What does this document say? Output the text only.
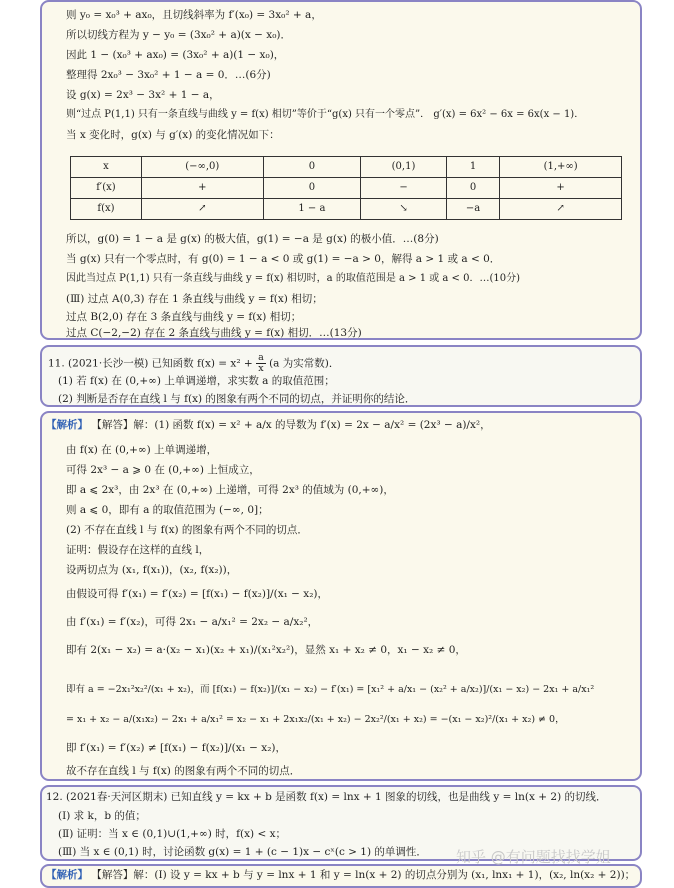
则 y₀ = x₀³ + ax₀，且切线斜率为 f′(x₀) = 3x₀² + a，
所以切线方程为 y − y₀ = (3x₀² + a)(x − x₀)．
因此 1 − (x₀³ + ax₀) = (3x₀² + a)(1 − x₀)，
整理得 2x₀³ − 3x₀² + 1 − a = 0．…(6分)
设 g(x) = 2x³ − 3x² + 1 − a，
则“过点 P(1,1) 只有一条直线与曲线 y = f(x) 相切”等价于“g(x) 只有一个零点”． g′(x) = 6x² − 6x = 6x(x − 1)．
当 x 变化时，g(x) 与 g′(x) 的变化情况如下：
x	(−∞,0)	0	(0,1)	1	(1,+∞)
f′(x)	+	0	−	0	+
f(x)	↗	1 − a	↘	−a	↗
所以，g(0) = 1 − a 是 g(x) 的极大值，g(1) = −a 是 g(x) 的极小值．…(8分)
当 g(x) 只有一个零点时，有 g(0) = 1 − a < 0 或 g(1) = −a > 0，解得 a > 1 或 a < 0．
因此当过点 P(1,1) 只有一条直线与曲线 y = f(x) 相切时，a 的取值范围是 a > 1 或 a < 0．…(10分)
(Ⅲ) 过点 A(0,3) 存在 1 条直线与曲线 y = f(x) 相切；
过点 B(2,0) 存在 3 条直线与曲线 y = f(x) 相切；
过点 C(−2,−2) 存在 2 条直线与曲线 y = f(x) 相切．…(13分)
11. (2021·长沙一模) 已知函数 $f(x) = x^2 + \frac{a}{x} (a$ 为实常数)．
(1) 若 f(x) 在 (0,+∞) 上单调递增，求实数 a 的取值范围；
(2) 判断是否存在直线 l 与 f(x) 的图象有两个不同的切点，并证明你的结论．
【解析】 【解答】解：(1) 函数 f(x) = x² + a/x 的导数为 f′(x) = 2x − a/x² = (2x³ − a)/x²，
由 f(x) 在 (0,+∞) 上单调递增，
可得 2x³ − a ⩾ 0 在 (0,+∞) 上恒成立，
即 a ⩽ 2x³，由 2x³ 在 (0,+∞) 上递增，可得 2x³ 的值域为 (0,+∞)，
则 a ⩽ 0，即有 a 的取值范围为 (−∞, 0]；
(2) 不存在直线 l 与 f(x) 的图象有两个不同的切点．
证明：假设存在这样的直线 l，
设两切点为 (x₁, f(x₁))，(x₂, f(x₂))，
由假设可得 f′(x₁) = f′(x₂) = [f(x₁) − f(x₂)]/(x₁ − x₂)，
由 f′(x₁) = f′(x₂)，可得 2x₁ − a/x₁² = 2x₂ − a/x₂²，
即有 2(x₁ − x₂) = a·(x₂ − x₁)(x₂ + x₁)/(x₁²x₂²)，显然 x₁ + x₂ ≠ 0，x₁ − x₂ ≠ 0，
即有 a = −2x₁²x₂²/(x₁ + x₂)，而 [f(x₁) − f(x₂)]/(x₁ − x₂) − f′(x₁) = [x₁² + a/x₁ − (x₂² + a/x₂)]/(x₁ − x₂) − 2x₁ + a/x₁²
= x₁ + x₂ − a/(x₁x₂) − 2x₁ + a/x₁² = x₂ − x₁ + 2x₁x₂/(x₁ + x₂) − 2x₂²/(x₁ + x₂) = −(x₁ − x₂)²/(x₁ + x₂) ≠ 0，
即 f′(x₁) = f′(x₂) ≠ [f(x₁) − f(x₂)]/(x₁ − x₂)，
故不存在直线 l 与 f(x) 的图象有两个不同的切点．
12. (2021春·天河区期末) 已知直线 y = kx + b 是函数 f(x) = lnx + 1 图象的切线，也是曲线 y = ln(x + 2) 的切线．
(Ⅰ) 求 k，b 的值；
(Ⅱ) 证明：当 x ∈ (0,1)∪(1,+∞) 时，f(x) < x；
(Ⅲ) 当 x ∈ (0,1) 时，讨论函数 g(x) = 1 + (c − 1)x − cˣ(c > 1) 的单调性．
【解析】 【解答】解：(Ⅰ) 设 y = kx + b 与 y = lnx + 1 和 y = ln(x + 2) 的切点分别为 (x₁, lnx₁ + 1)，(x₂, ln(x₂ + 2))；
知乎 @有问题找找学姐
